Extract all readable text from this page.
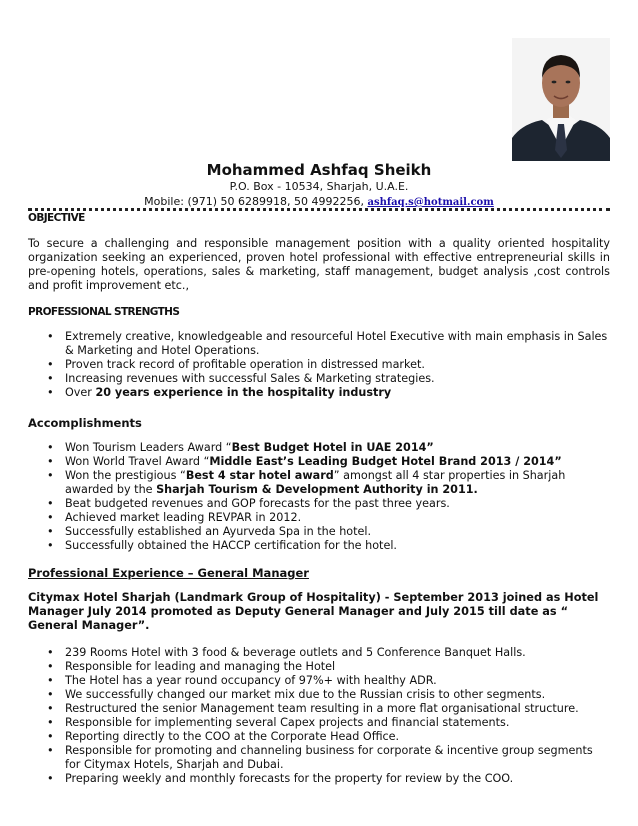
Mohammed Ashfaq Sheikh
P.O. Box - 10534, Sharjah, U.A.E.
Mobile: (971) 50 6289918, 50 4992256, ashfaq.s@hotmail.com
OBJECTIVE

To secure a challenging and responsible management position with a quality oriented hospitality organization seeking an experienced, proven hotel professional with effective entrepreneurial skills in pre-opening hotels, operations, sales & marketing, staff management, budget analysis ,cost controls and profit improvement etc.,

PROFESSIONAL STRENGTHS
• Extremely creative, knowledgeable and resourceful Hotel Executive with main emphasis in Sales & Marketing and Hotel Operations.
• Proven track record of profitable operation in distressed market.
• Increasing revenues with successful Sales & Marketing strategies.
• Over 20 years experience in the hospitality industry
Accomplishments
• Won Tourism Leaders Award “Best Budget Hotel in UAE 2014”
• Won World Travel Award “Middle East’s Leading Budget Hotel Brand 2013 / 2014”
• Won the prestigious “Best 4 star hotel award” amongst all 4 star properties in Sharjah awarded by the Sharjah Tourism & Development Authority in 2011.
• Beat budgeted revenues and GOP forecasts for the past three years.
• Achieved market leading REVPAR in 2012.
• Successfully established an Ayurveda Spa in the hotel.
• Successfully obtained the HACCP certification for the hotel.
Professional Experience – General Manager

Citymax Hotel Sharjah (Landmark Group of Hospitality) - September 2013 joined as Hotel Manager July 2014 promoted as Deputy General Manager and July 2015 till date as “ General Manager”.

• 239 Rooms Hotel with 3 food & beverage outlets and 5 Conference Banquet Halls.
• Responsible for leading and managing the Hotel
• The Hotel has a year round occupancy of 97%+ with healthy ADR.
• We successfully changed our market mix due to the Russian crisis to other segments.
• Restructured the senior Management team resulting in a more flat organisational structure.
• Responsible for implementing several Capex projects and financial statements.
• Reporting directly to the COO at the Corporate Head Office.
• Responsible for promoting and channeling business for corporate & incentive group segments for Citymax Hotels, Sharjah and Dubai.
• Preparing weekly and monthly forecasts for the property for review by the COO.
